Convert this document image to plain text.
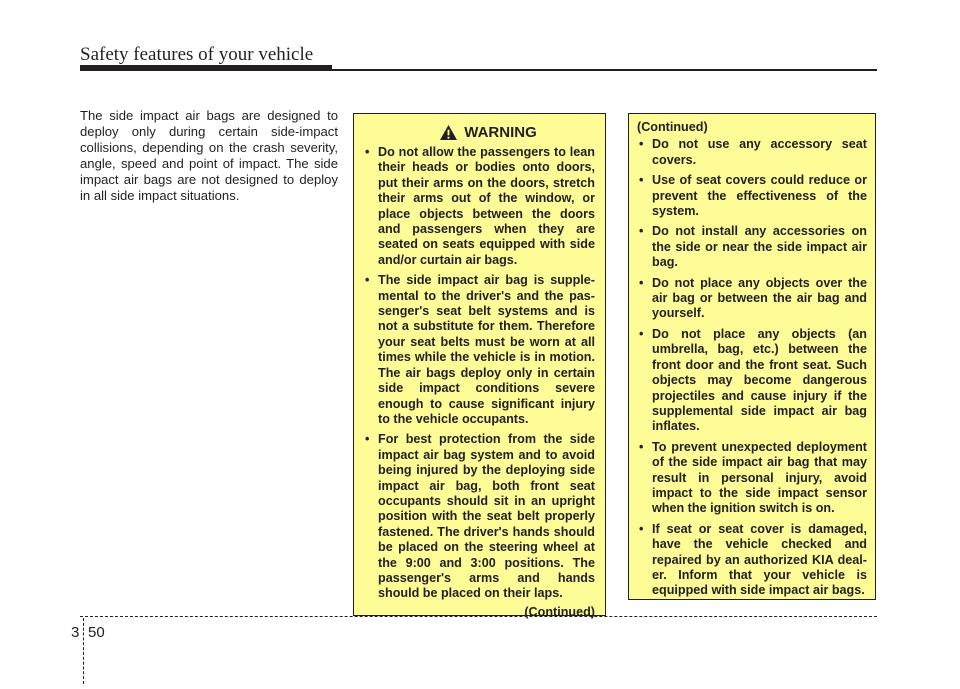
Safety features of your vehicle

The side impact air bags are designed to deploy only during certain side-impact collisions, depending on the crash severity, angle, speed and point of impact. The side impact air bags are not designed to deploy in all side impact situations.

WARNING
• Do not allow the passengers to lean their heads or bodies onto doors, put their arms on the doors, stretch their arms out of the window, or place objects between the doors and passengers when they are seated on seats equipped with side and/or curtain air bags.
• The side impact air bag is supplemental to the driver's and the passenger's seat belt systems and is not a substitute for them. Therefore your seat belts must be worn at all times while the vehicle is in motion. The air bags deploy only in certain side impact conditions severe enough to cause significant injury to the vehicle occupants.
• For best protection from the side impact air bag system and to avoid being injured by the deploying side impact air bag, both front seat occupants should sit in an upright position with the seat belt properly fastened. The driver's hands should be placed on the steering wheel at the 9:00 and 3:00 positions. The passenger's arms and hands should be placed on their laps.
(Continued)
(Continued)
• Do not use any accessory seat covers.
• Use of seat covers could reduce or prevent the effectiveness of the system.
• Do not install any accessories on the side or near the side impact air bag.
• Do not place any objects over the air bag or between the air bag and yourself.
• Do not place any objects (an umbrella, bag, etc.) between the front door and the front seat. Such objects may become dangerous projectiles and cause injury if the supplemental side impact air bag inflates.
• To prevent unexpected deployment of the side impact air bag that may result in personal injury, avoid impact to the side impact sensor when the ignition switch is on.
• If seat or seat cover is damaged, have the vehicle checked and repaired by an authorized KIA dealer. Inform that your vehicle is equipped with side impact air bags.
3 50
